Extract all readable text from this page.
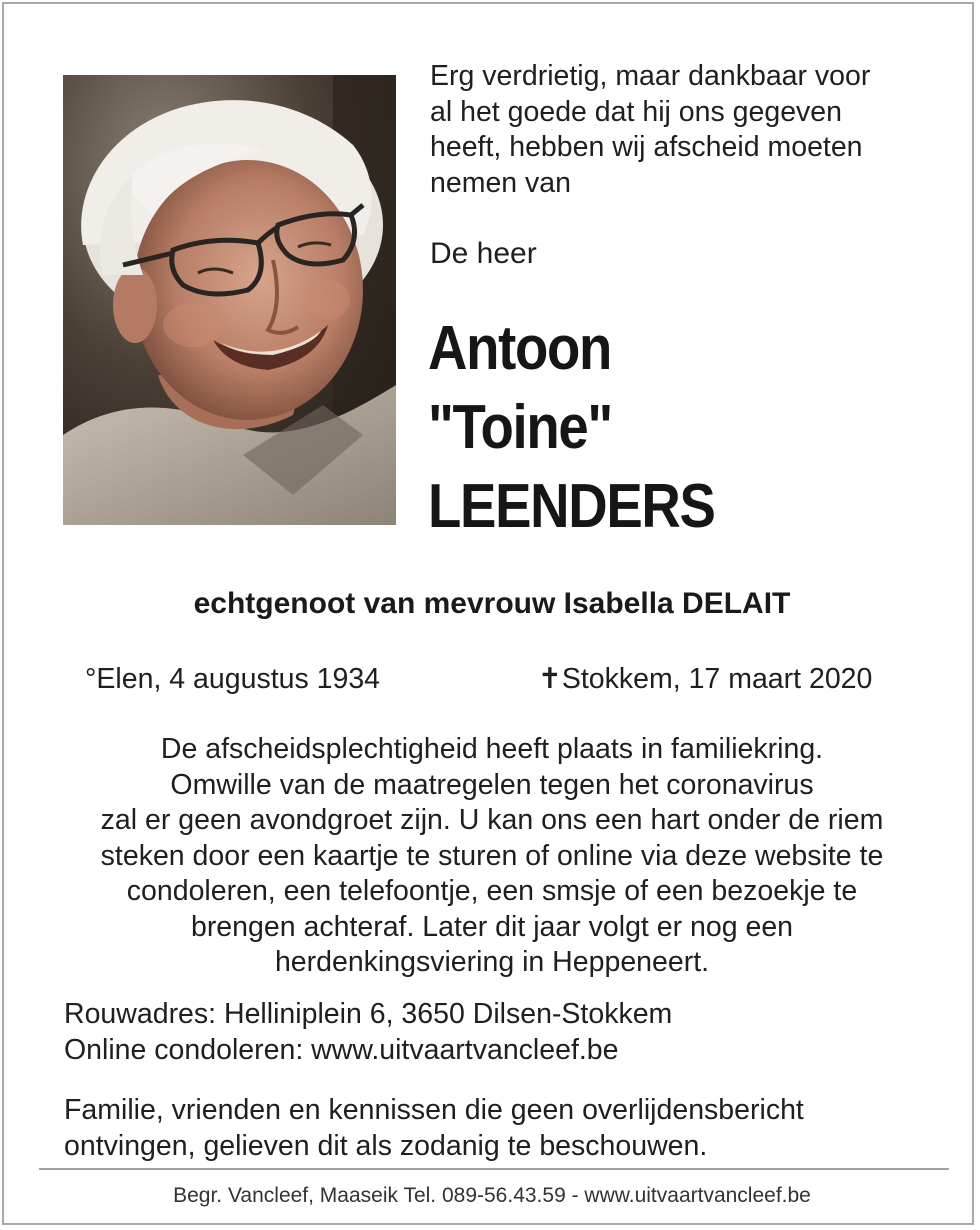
Erg verdrietig, maar dankbaar voor
al het goede dat hij ons gegeven
heeft, hebben wij afscheid moeten
nemen van
De heer
Antoon
"Toine"
LEENDERS
echtgenoot van mevrouw Isabella DELAIT
°Elen, 4 augustus 1934	✝Stokkem, 17 maart 2020
De afscheidsplechtigheid heeft plaats in familiekring.
Omwille van de maatregelen tegen het coronavirus
zal er geen avondgroet zijn. U kan ons een hart onder de riem
steken door een kaartje te sturen of online via deze website te
condoleren, een telefoontje, een smsje of een bezoekje te
brengen achteraf. Later dit jaar volgt er nog een
herdenkingsviering in Heppeneert.
Rouwadres: Helliniplein 6, 3650 Dilsen-Stokkem
Online condoleren: www.uitvaartvancleef.be
Familie, vrienden en kennissen die geen overlijdensbericht
ontvingen, gelieven dit als zodanig te beschouwen.
Begr. Vancleef, Maaseik Tel. 089-56.43.59 - www.uitvaartvancleef.be
